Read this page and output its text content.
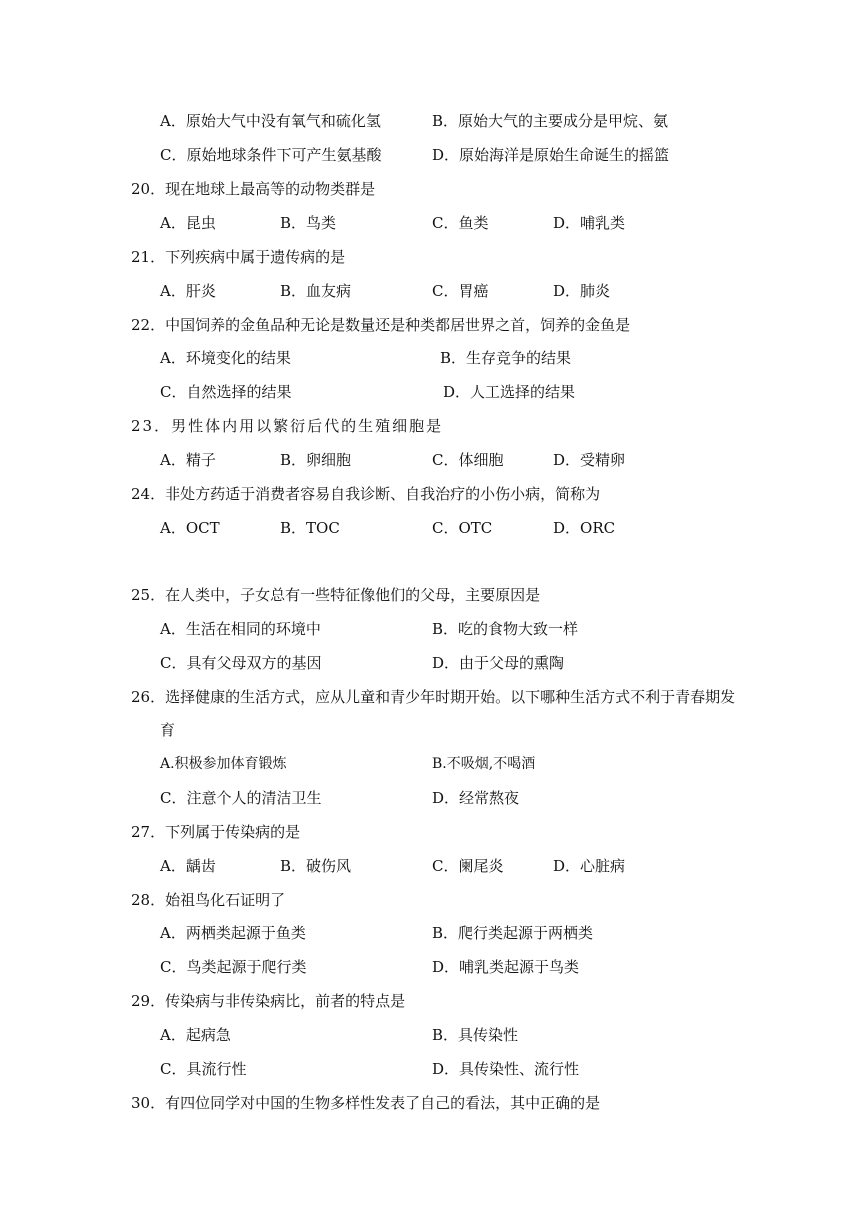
A．原始大气中没有氧气和硫化氢	B．原始大气的主要成分是甲烷、氨
C．原始地球条件下可产生氨基酸	D．原始海洋是原始生命诞生的摇篮
20．现在地球上最高等的动物类群是
A．昆虫	B．鸟类	C．鱼类	D．哺乳类
21．下列疾病中属于遗传病的是
A．肝炎	B．血友病	C．胃癌	D．肺炎
22．中国饲养的金鱼品种无论是数量还是种类都居世界之首，饲养的金鱼是
A．环境变化的结果	B．生存竞争的结果
C．自然选择的结果	D．人工选择的结果
23．男性体内用以繁衍后代的生殖细胞是
A．精子	B．卵细胞	C．体细胞	D．受精卵
24．非处方药适于消费者容易自我诊断、自我治疗的小伤小病，简称为
A．OCT	B．TOC	C．OTC	D．ORC
25．在人类中，子女总有一些特征像他们的父母，主要原因是
A．生活在相同的环境中	B．吃的食物大致一样
C．具有父母双方的基因	D．由于父母的熏陶
26．选择健康的生活方式，应从儿童和青少年时期开始。以下哪种生活方式不利于青春期发
育
A.积极参加体育锻炼	B.不吸烟,不喝酒
C．注意个人的清洁卫生	D．经常熬夜
27．下列属于传染病的是
A．龋齿	B．破伤风	C．阑尾炎	D．心脏病
28．始祖鸟化石证明了
A．两栖类起源于鱼类	B．爬行类起源于两栖类
C．鸟类起源于爬行类	D．哺乳类起源于鸟类
29．传染病与非传染病比，前者的特点是
A．起病急	B．具传染性
C．具流行性	D．具传染性、流行性
30．有四位同学对中国的生物多样性发表了自己的看法，其中正确的是
